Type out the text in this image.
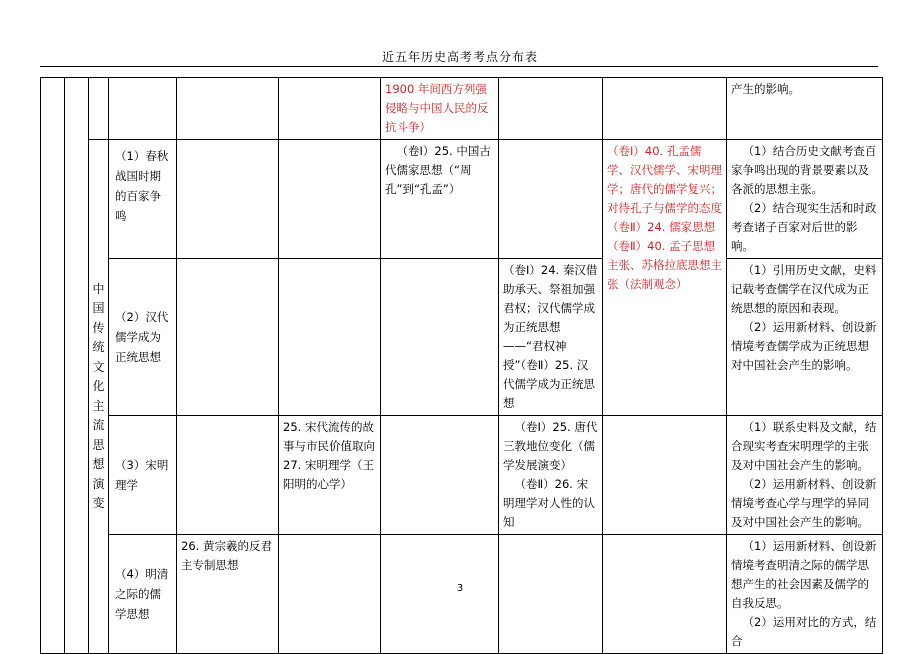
近五年历史高考考点分布表
						1900 年间西方列强侵略与中国人民的反抗斗争）			产生的影响。
		中国传统文化主流思想演变	（1）春秋战国时期的百家争鸣			（卷Ⅰ）25. 中国古代儒家思想（“周孔”到“孔孟”）		（卷Ⅰ）40. 孔孟儒学、汉代儒学、宋明理学；唐代的儒学复兴；对待孔子与儒学的态度（卷Ⅱ）24. 儒家思想（卷Ⅱ）40. 孟子思想主张、苏格拉底思想主张（法制观念）	（1）结合历史文献考查百家争鸣出现的背景要素以及各派的思想主张。
（2）结合现实生活和时政考查诸子百家对后世的影响。

			（2）汉代儒学成为正统思想				（卷Ⅰ）24. 秦汉借助承天、祭祖加强君权；汉代儒学成为正统思想——“君权神授”（卷Ⅱ）25. 汉代儒学成为正统思想		（1）引用历史文献，史料记载考查儒学在汉代成为正统思想的原因和表现。
（2）运用新材料、创设新情境考查儒学成为正统思想对中国社会产生的影响。

			（3）宋明理学		25. 宋代流传的故事与市民价值取向
27. 宋明理学（王阳明的心学）		（卷Ⅰ）25. 唐代三教地位变化（儒学发展演变）
（卷Ⅱ）26. 宋明理学对人性的认知		（1）联系史料及文献，结合现实考查宋明理学的主张及对中国社会产生的影响。
（2）运用新材料、创设新情境考查心学与理学的异同及对中国社会产生的影响。

			（4）明清之际的儒学思想	26. 黄宗羲的反君主专制思想					（1）运用新材料、创设新情境考查明清之际的儒学思想产生的社会因素及儒学的自我反思。
（2）运用对比的方式，结合
3
